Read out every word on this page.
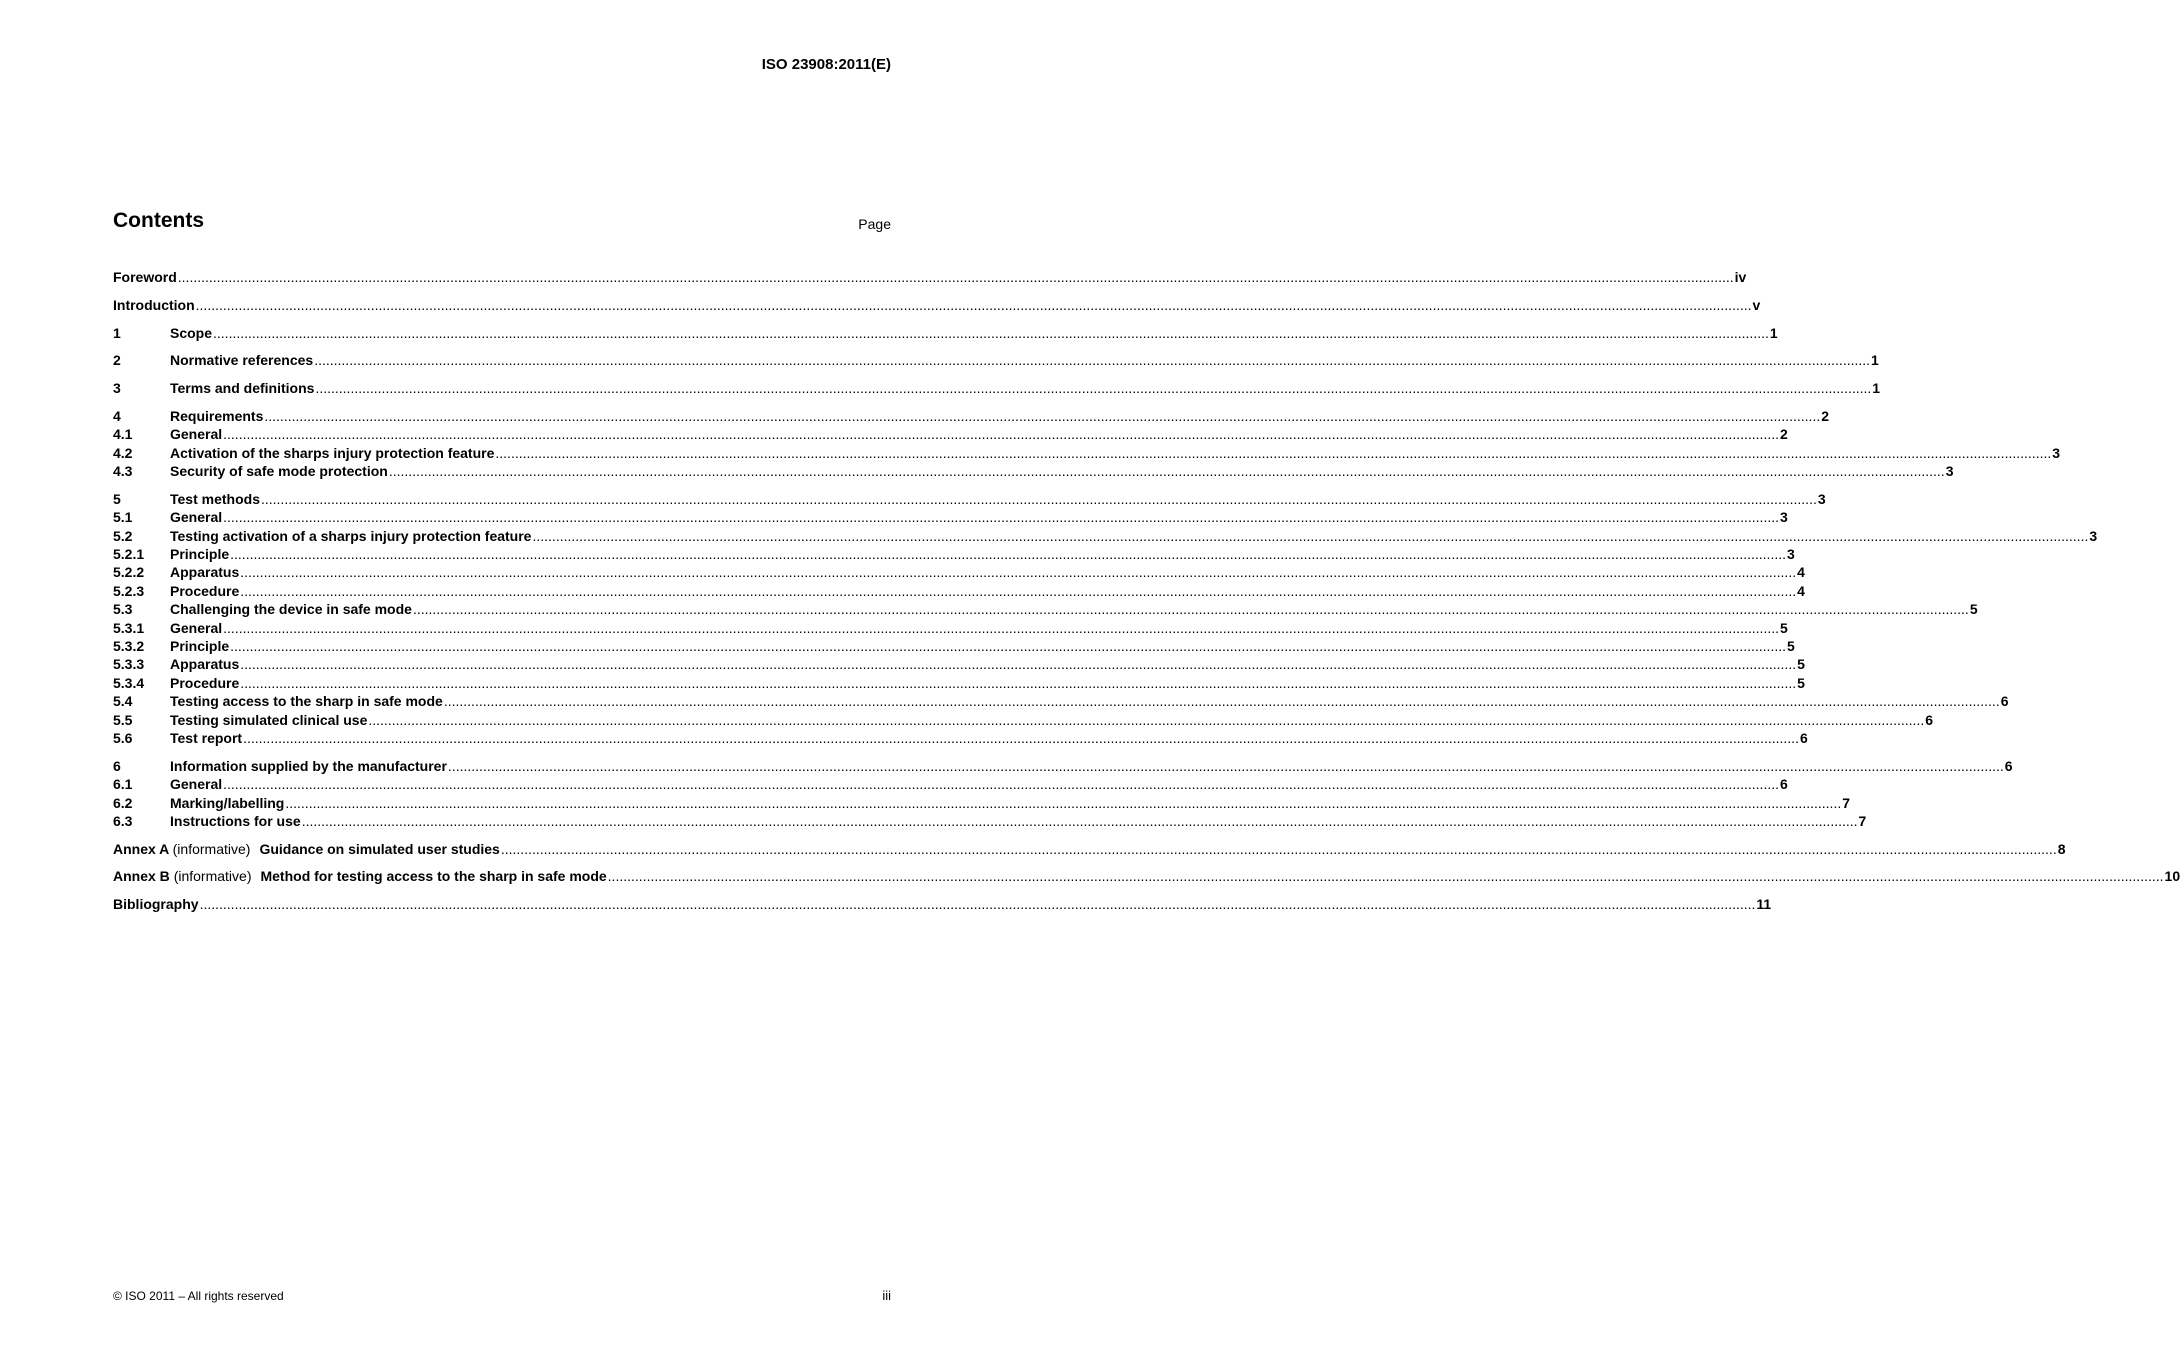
ISO 23908:2011(E)
Contents	Page
Foreword ................................................................................................................................................................................................................................................................................................................................................................................................................ iv
Introduction ................................................................................................................................................................................................................................................................................................................................................................................................................ v
1	Scope ................................................................................................................................................................................................................................................................................................................................................................................................................ 1
2	Normative references ................................................................................................................................................................................................................................................................................................................................................................................................................ 1
3	Terms and definitions ................................................................................................................................................................................................................................................................................................................................................................................................................ 1
4	Requirements ................................................................................................................................................................................................................................................................................................................................................................................................................ 2
4.1	General ................................................................................................................................................................................................................................................................................................................................................................................................................ 2
4.2	Activation of the sharps injury protection feature ................................................................................................................................................................................................................................................................................................................................................................................................................ 3
4.3	Security of safe mode protection ................................................................................................................................................................................................................................................................................................................................................................................................................ 3
5	Test methods ................................................................................................................................................................................................................................................................................................................................................................................................................ 3
5.1	General ................................................................................................................................................................................................................................................................................................................................................................................................................ 3
5.2	Testing activation of a sharps injury protection feature ................................................................................................................................................................................................................................................................................................................................................................................................................ 3
5.2.1	Principle ................................................................................................................................................................................................................................................................................................................................................................................................................ 3
5.2.2	Apparatus ................................................................................................................................................................................................................................................................................................................................................................................................................ 4
5.2.3	Procedure ................................................................................................................................................................................................................................................................................................................................................................................................................ 4
5.3	Challenging the device in safe mode ................................................................................................................................................................................................................................................................................................................................................................................................................ 5
5.3.1	General ................................................................................................................................................................................................................................................................................................................................................................................................................ 5
5.3.2	Principle ................................................................................................................................................................................................................................................................................................................................................................................................................ 5
5.3.3	Apparatus ................................................................................................................................................................................................................................................................................................................................................................................................................ 5
5.3.4	Procedure ................................................................................................................................................................................................................................................................................................................................................................................................................ 5
5.4	Testing access to the sharp in safe mode ................................................................................................................................................................................................................................................................................................................................................................................................................ 6
5.5	Testing simulated clinical use ................................................................................................................................................................................................................................................................................................................................................................................................................ 6
5.6	Test report ................................................................................................................................................................................................................................................................................................................................................................................................................ 6
6	Information supplied by the manufacturer ................................................................................................................................................................................................................................................................................................................................................................................................................ 6
6.1	General ................................................................................................................................................................................................................................................................................................................................................................................................................ 6
6.2	Marking/labelling ................................................................................................................................................................................................................................................................................................................................................................................................................ 7
6.3	Instructions for use ................................................................................................................................................................................................................................................................................................................................................................................................................ 7
Annex A (informative) Guidance on simulated user studies ................................................................................................................................................................................................................................................................................................................................................................................................................ 8
Annex B (informative) Method for testing access to the sharp in safe mode ................................................................................................................................................................................................................................................................................................................................................................................................................ 10
Bibliography ................................................................................................................................................................................................................................................................................................................................................................................................................ 11
© ISO 2011 – All rights reserved	iii
